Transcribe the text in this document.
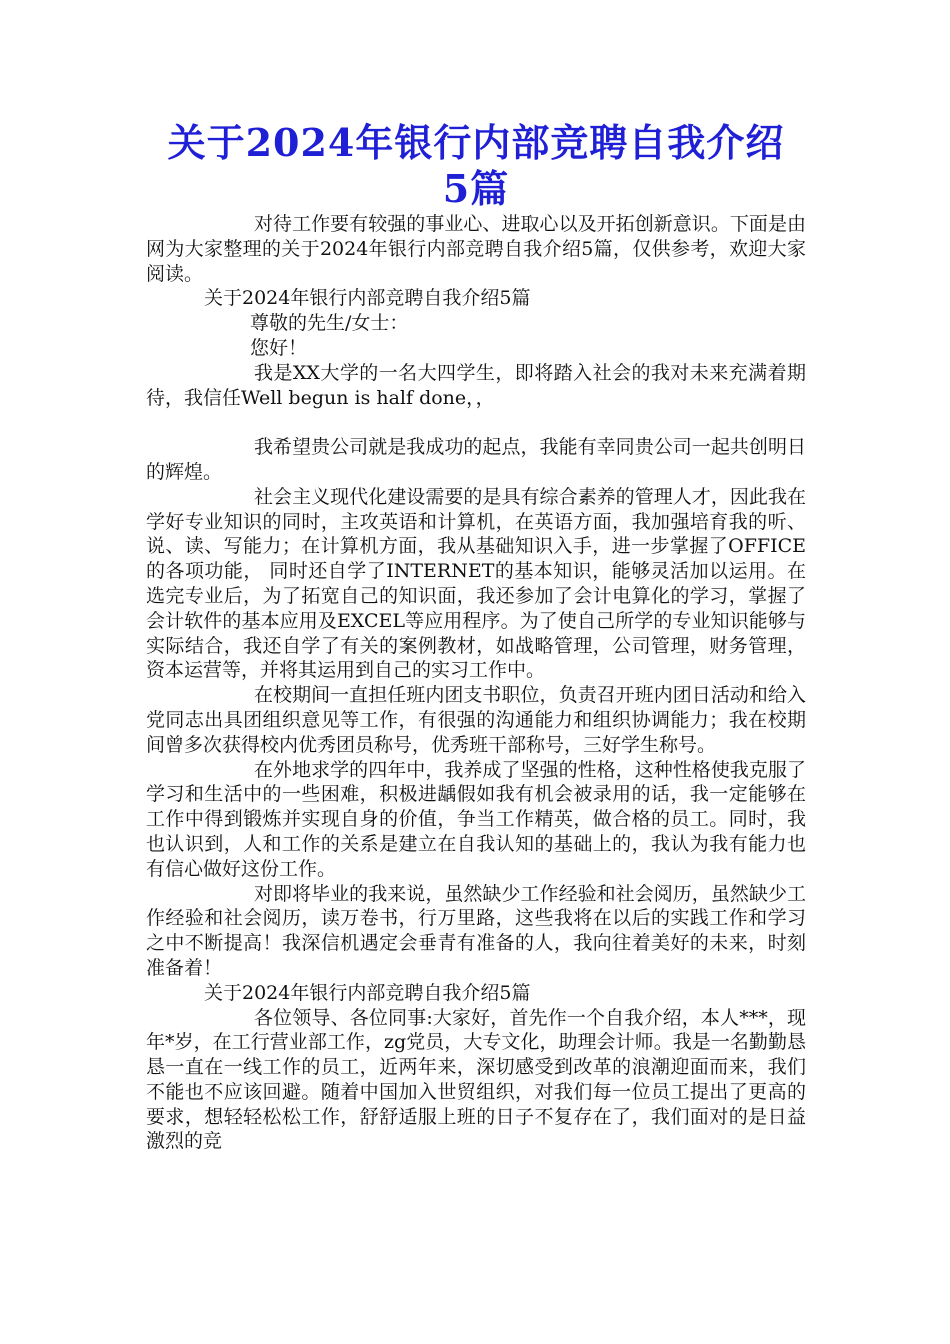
关于2024年银行内部竞聘自我介绍
5篇

对待工作要有较强的事业心、进取心以及开拓创新意识。下面是由网为大家整理的关于2024年银行内部竞聘自我介绍5篇，仅供参考，欢迎大家阅读。

关于2024年银行内部竞聘自我介绍5篇

尊敬的先生/女士：

您好！

我是XX大学的一名大四学生，即将踏入社会的我对未来充满着期待，我信任Well begun is half done，，

我希望贵公司就是我成功的起点，我能有幸同贵公司一起共创明日的辉煌。

社会主义现代化建设需要的是具有综合素养的管理人才，因此我在学好专业知识的同时，主攻英语和计算机，在英语方面，我加强培育我的听、说、读、写能力；在计算机方面，我从基础知识入手，进一步掌握了OFFICE的各项功能， 同时还自学了INTERNET的基本知识，能够灵活加以运用。在选完专业后，为了拓宽自己的知识面，我还参加了会计电算化的学习，掌握了会计软件的基本应用及EXCEL等应用程序。为了使自己所学的专业知识能够与实际结合，我还自学了有关的案例教材，如战略管理，公司管理，财务管理，资本运营等，并将其运用到自己的实习工作中。

在校期间一直担任班内团支书职位，负责召开班内团日活动和给入党同志出具团组织意见等工作，有很强的沟通能力和组织协调能力；我在校期间曾多次获得校内优秀团员称号，优秀班干部称号，三好学生称号。

在外地求学的四年中，我养成了坚强的性格，这种性格使我克服了学习和生活中的一些困难，积极进龋假如我有机会被录用的话，我一定能够在工作中得到锻炼并实现自身的价值，争当工作精英，做合格的员工。同时，我也认识到，人和工作的关系是建立在自我认知的基础上的，我认为我有能力也有信心做好这份工作。

对即将毕业的我来说，虽然缺少工作经验和社会阅历，虽然缺少工作经验和社会阅历，读万卷书，行万里路，这些我将在以后的实践工作和学习之中不断提高！我深信机遇定会垂青有准备的人，我向往着美好的未来，时刻准备着！

关于2024年银行内部竞聘自我介绍5篇

各位领导、各位同事:大家好，首先作一个自我介绍，本人***，现年*岁，在工行营业部工作，zg党员，大专文化，助理会计师。我是一名勤勤恳恳一直在一线工作的员工，近两年来，深切感受到改革的浪潮迎面而来，我们不能也不应该回避。随着中国加入世贸组织，对我们每一位员工提出了更高的要求，想轻轻松松工作，舒舒适服上班的日子不复存在了，我们面对的是日益激烈的竞
